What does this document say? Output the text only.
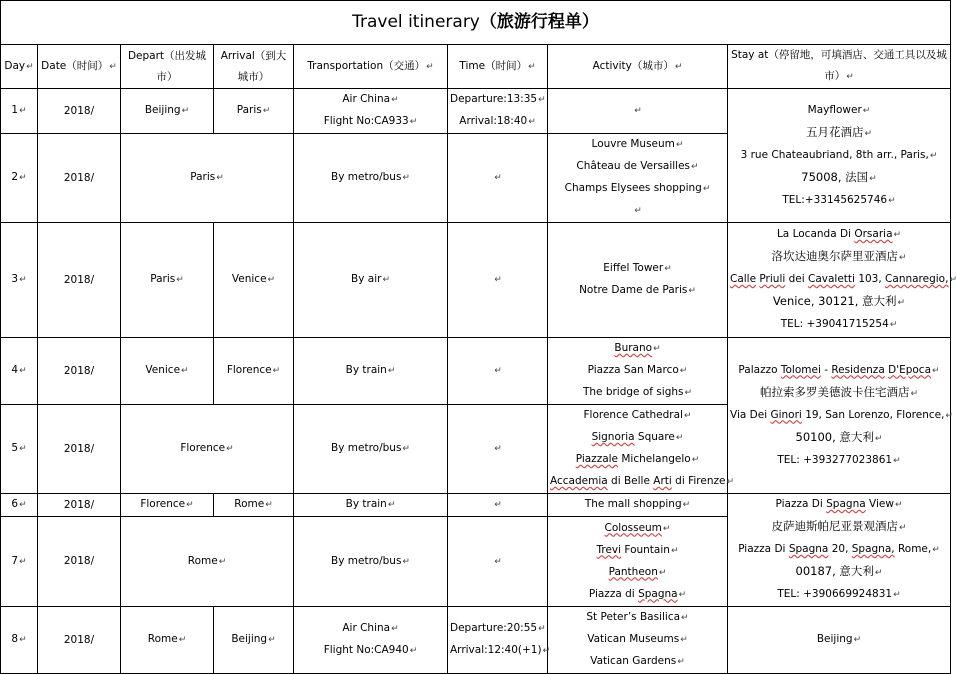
Travel itinerary（旅游行程单）							
Day↵	Date（时间）↵	Depart（出发城市）	Arrival（到大城市）	Transportation（交通）↵	Time（时间）↵	Activity（城市）↵	Stay at（停留地，可填酒店、交通工具以及城市）↵
1↵	2018/	Beijing↵	Paris↵	Air China↵
Flight No:CA933↵	Departure:13:35↵
Arrival:18:40↵	↵	Mayflower↵
五月花酒店↵
3 rue Chateaubriand, 8th arr., Paris,↵
75008, 法国↵
TEL:+33145625746↵

2↵	2018/	Paris↵		By metro/bus↵	↵	Louvre Museum↵
Château de Versailles↵
Champs Elysees shopping↵
↵	

3↵	2018/	Paris↵	Venice↵	By air↵	↵	Eiffel Tower↵
Notre Dame de Paris↵	La Locanda Di Orsaria↵
洛坎达迪奥尔萨里亚酒店↵
Calle Priuli dei Cavaletti 103, Cannaregio,↵
Venice, 30121, 意大利↵
TEL: +39041715254↵

4↵	2018/	Venice↵	Florence↵	By train↵	↵	Burano↵
Piazza San Marco↵
The bridge of sighs↵	Palazzo Tolomei - Residenza D'Epoca↵
帕拉索多罗美德波卡住宅酒店↵
Via Dei Ginori 19, San Lorenzo, Florence,↵
50100, 意大利↵
TEL: +393277023861↵

5↵	2018/	Florence↵		By metro/bus↵	↵	Florence Cathedral↵
Signoria Square↵
Piazzale Michelangelo↵
Accademia di Belle Arti di Firenze↵	

6↵	2018/	Florence↵	Rome↵	By train↵	↵	The mall shopping↵	Piazza Di Spagna View↵
皮萨迪斯帕尼亚景观酒店↵
Piazza Di Spagna 20, Spagna, Rome,↵
00187, 意大利↵
TEL: +390669924831↵

7↵	2018/	Rome↵		By metro/bus↵	↵	Colosseum↵
Trevi Fountain↵
Pantheon↵
Piazza di Spagna↵	

8↵	2018/	Rome↵	Beijing↵	Air China↵
Flight No:CA940↵	Departure:20:55↵
Arrival:12:40(+1)↵	St Peter’s Basilica↵
Vatican Museums↵
Vatican Gardens↵	Beijing↵
